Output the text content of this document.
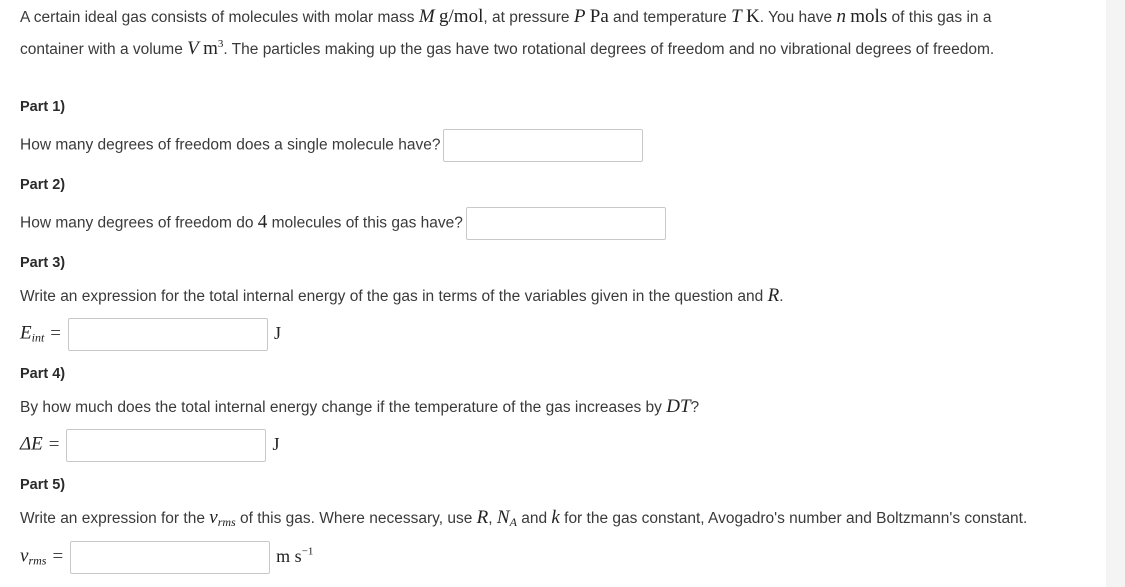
A certain ideal gas consists of molecules with molar mass M g/mol, at pressure P Pa and temperature T K. You have n mols of this gas in a
container with a volume V $m^3$. The particles making up the gas have two rotational degrees of freedom and no vibrational degrees of freedom.
Part 1)
How many degrees of freedom does a single molecule have?
Part 2)
How many degrees of freedom do 4 molecules of this gas have?
Part 3)
Write an expression for the total internal energy of the gas in terms of the variables given in the question and R.
$E_{int}$ =	J
Part 4)
By how much does the total internal energy change if the temperature of the gas increases by DT?
ΔE =	J
Part 5)
Write an expression for the $v_{rms}$ of this gas. Where necessary, use R, $N_A$ and k for the gas constant, Avogadro's number and Boltzmann's constant.
$v_{rms}$ =	m $s^{-1}$
